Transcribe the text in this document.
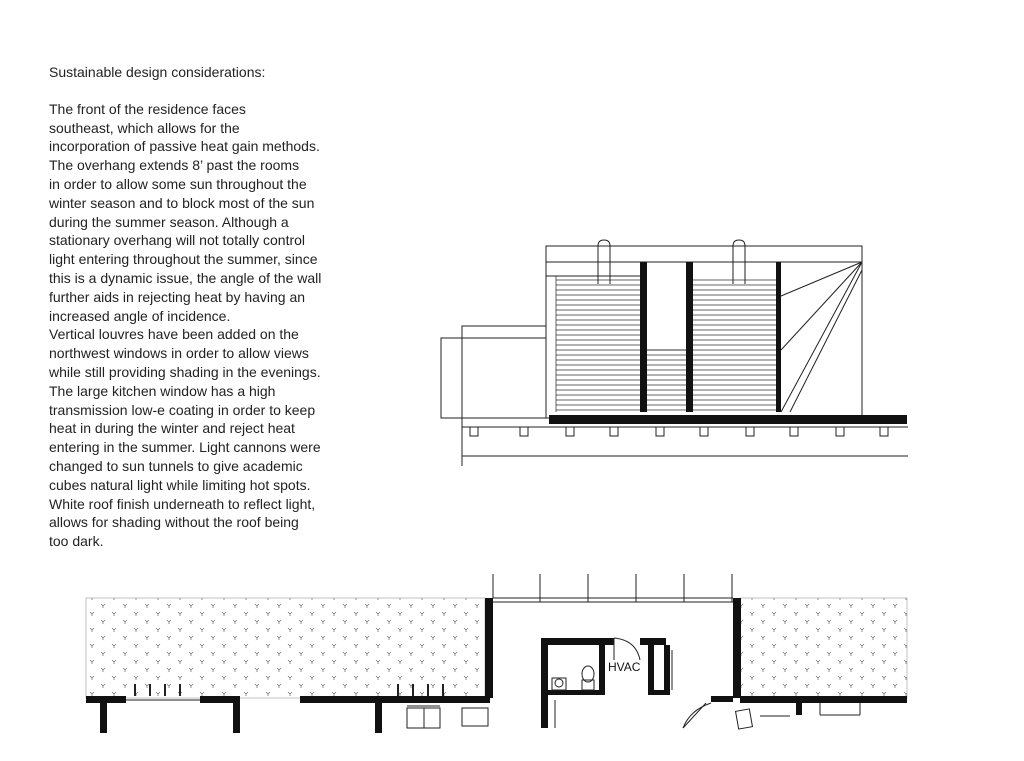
Sustainable design considerations:

The front of the residence faces
southeast, which allows for the
incorporation of passive heat gain methods.
The overhang extends 8’ past the rooms
in order to allow some sun throughout the
winter season and to block most of the sun
during the summer season. Although a
stationary overhang will not totally control
light entering throughout the summer, since
this is a dynamic issue, the angle of the wall
further aids in rejecting heat by having an
increased angle of incidence.
Vertical louvres have been added on the
northwest windows in order to allow views
while still providing shading in the evenings.
The large kitchen window has a high
transmission low-e coating in order to keep
heat in during the winter and reject heat
entering in the summer. Light cannons were
changed to sun tunnels to give academic
cubes natural light while limiting hot spots.
White roof finish underneath to reflect light,
allows for shading without the roof being
too dark.

HVAC
